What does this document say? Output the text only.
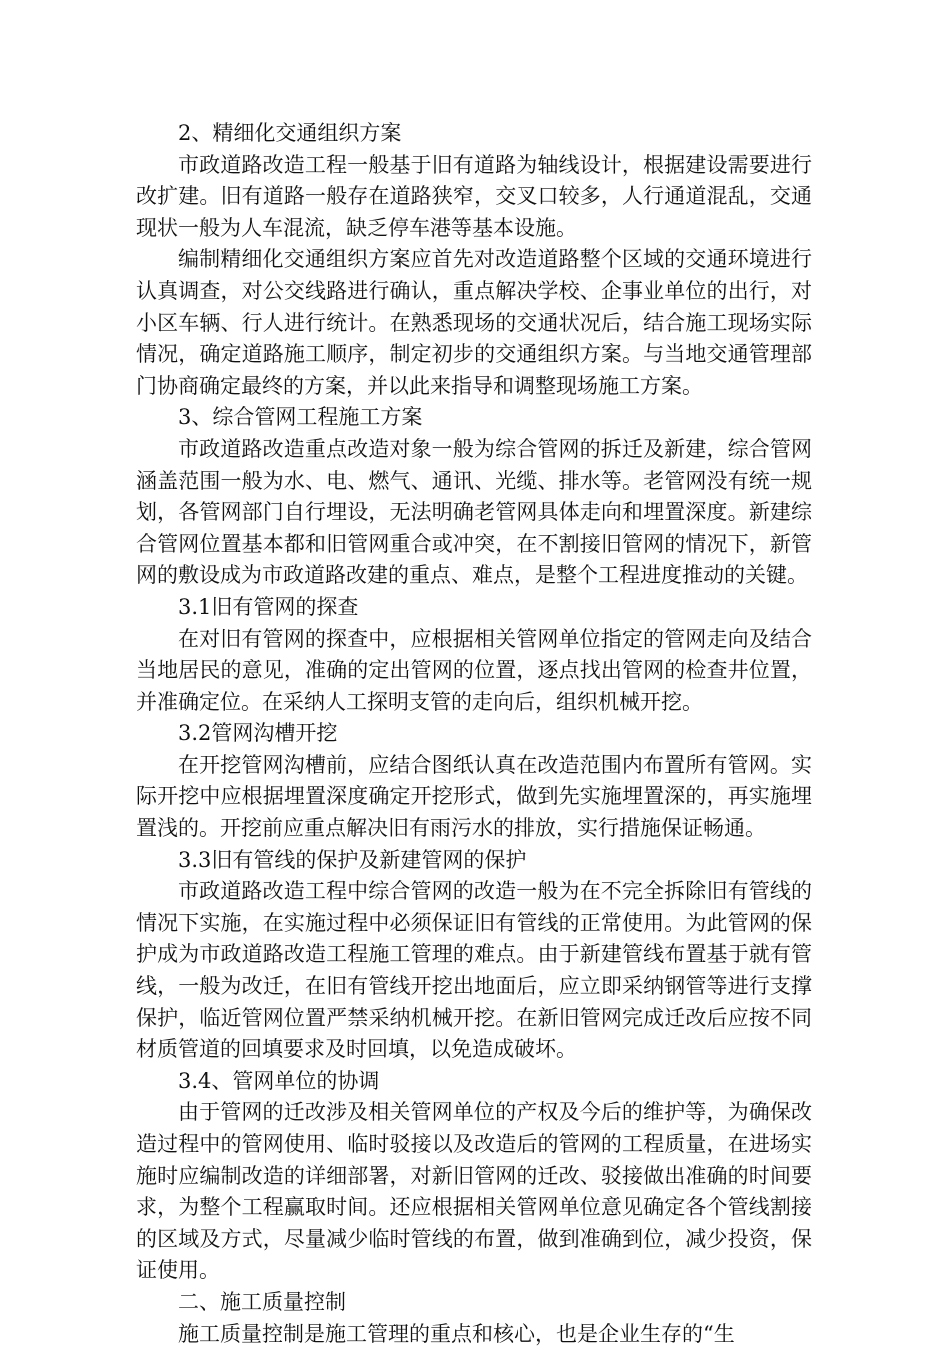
2、精细化交通组织方案

市政道路改造工程一般基于旧有道路为轴线设计，根据建设需要进行改扩建。旧有道路一般存在道路狭窄，交叉口较多，人行通道混乱，交通现状一般为人车混流，缺乏停车港等基本设施。

编制精细化交通组织方案应首先对改造道路整个区域的交通环境进行认真调查，对公交线路进行确认，重点解决学校、企事业单位的出行，对小区车辆、行人进行统计。在熟悉现场的交通状况后，结合施工现场实际情况，确定道路施工顺序，制定初步的交通组织方案。与当地交通管理部门协商确定最终的方案，并以此来指导和调整现场施工方案。

3、综合管网工程施工方案

市政道路改造重点改造对象一般为综合管网的拆迁及新建，综合管网涵盖范围一般为水、电、燃气、通讯、光缆、排水等。老管网没有统一规划，各管网部门自行埋设，无法明确老管网具体走向和埋置深度。新建综合管网位置基本都和旧管网重合或冲突，在不割接旧管网的情况下，新管网的敷设成为市政道路改建的重点、难点，是整个工程进度推动的关键。

3.1旧有管网的探查

在对旧有管网的探查中，应根据相关管网单位指定的管网走向及结合当地居民的意见，准确的定出管网的位置，逐点找出管网的检查井位置，并准确定位。在采纳人工探明支管的走向后，组织机械开挖。

3.2管网沟槽开挖

在开挖管网沟槽前，应结合图纸认真在改造范围内布置所有管网。实际开挖中应根据埋置深度确定开挖形式，做到先实施埋置深的，再实施埋置浅的。开挖前应重点解决旧有雨污水的排放，实行措施保证畅通。

3.3旧有管线的保护及新建管网的保护

市政道路改造工程中综合管网的改造一般为在不完全拆除旧有管线的情况下实施，在实施过程中必须保证旧有管线的正常使用。为此管网的保护成为市政道路改造工程施工管理的难点。由于新建管线布置基于就有管线，一般为改迁，在旧有管线开挖出地面后，应立即采纳钢管等进行支撑保护，临近管网位置严禁采纳机械开挖。在新旧管网完成迁改后应按不同材质管道的回填要求及时回填，以免造成破坏。

3.4、管网单位的协调

由于管网的迁改涉及相关管网单位的产权及今后的维护等，为确保改造过程中的管网使用、临时驳接以及改造后的管网的工程质量，在进场实施时应编制改造的详细部署，对新旧管网的迁改、驳接做出准确的时间要求，为整个工程赢取时间。还应根据相关管网单位意见确定各个管线割接的区域及方式，尽量减少临时管线的布置，做到准确到位，减少投资，保证使用。

二、施工质量控制

施工质量控制是施工管理的重点和核心，也是企业生存的“生
